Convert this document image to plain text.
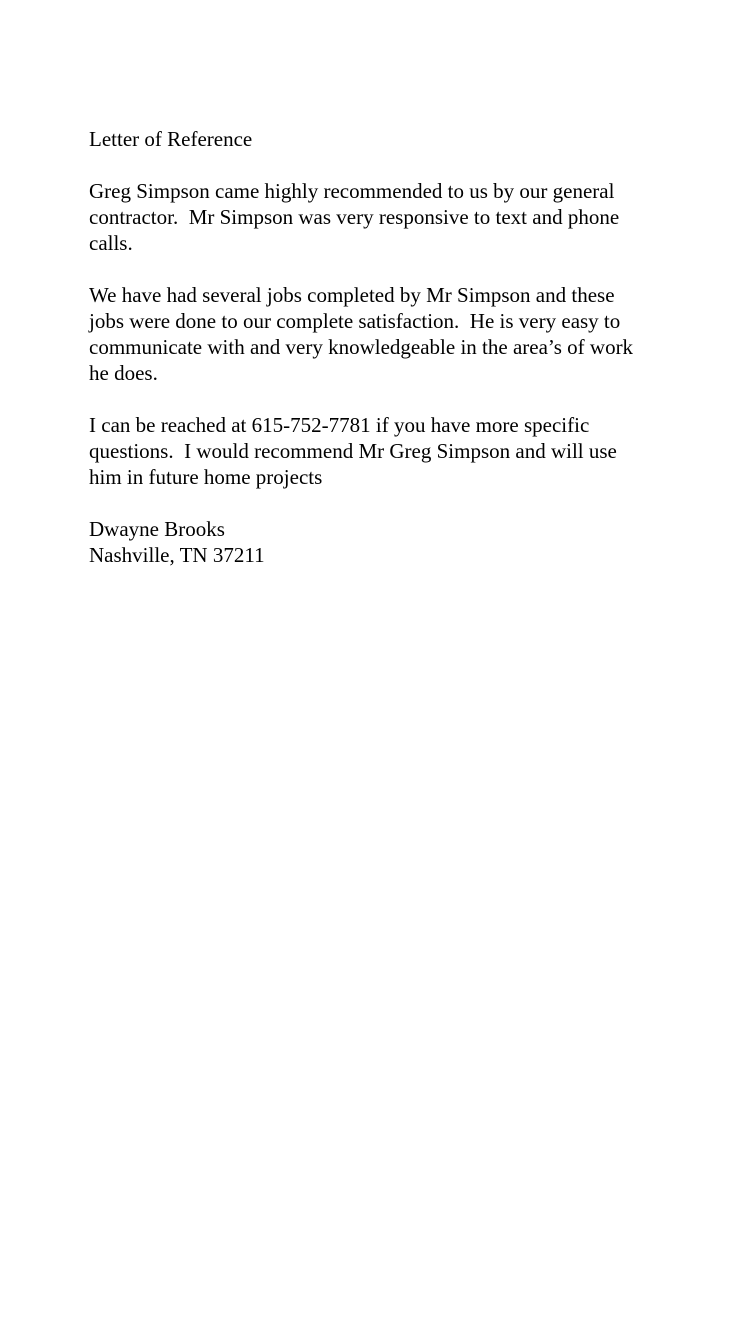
Letter of Reference
Greg Simpson came highly recommended to us by our general
contractor.  Mr Simpson was very responsive to text and phone
calls.
We have had several jobs completed by Mr Simpson and these
jobs were done to our complete satisfaction.  He is very easy to
communicate with and very knowledgeable in the area’s of work
he does.
I can be reached at 615-752-7781 if you have more specific
questions.  I would recommend Mr Greg Simpson and will use
him in future home projects
Dwayne Brooks
Nashville, TN 37211
